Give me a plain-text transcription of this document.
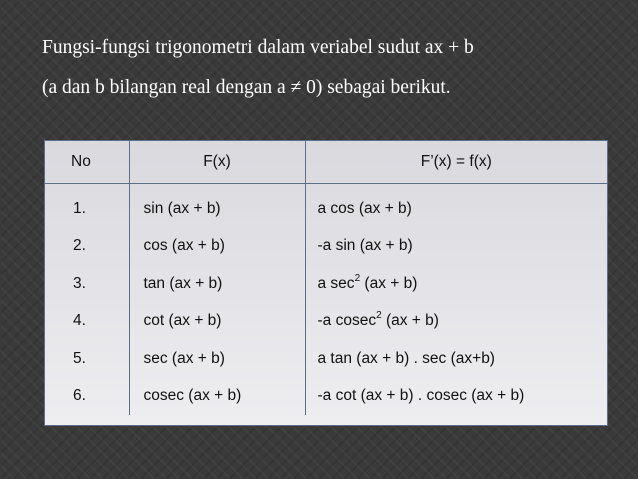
Fungsi-fungsi trigonometri dalam veriabel sudut ax + b
(a dan b bilangan real dengan a ≠ 0) sebagai berikut.
No	F(x)	F’(x) = f(x)
1.	sin (ax + b)	a cos (ax + b)
2.	cos (ax + b)	-a sin (ax + b)
3.	tan (ax + b)	a $\sec^2 (ax + b)$
4.	cot (ax + b)	-a cosec$^2$ (ax + b)
5.	sec (ax + b)	a tan (ax + b) . sec (ax+b)
6.	cosec (ax + b)	-a cot (ax + b) . cosec (ax + b)
